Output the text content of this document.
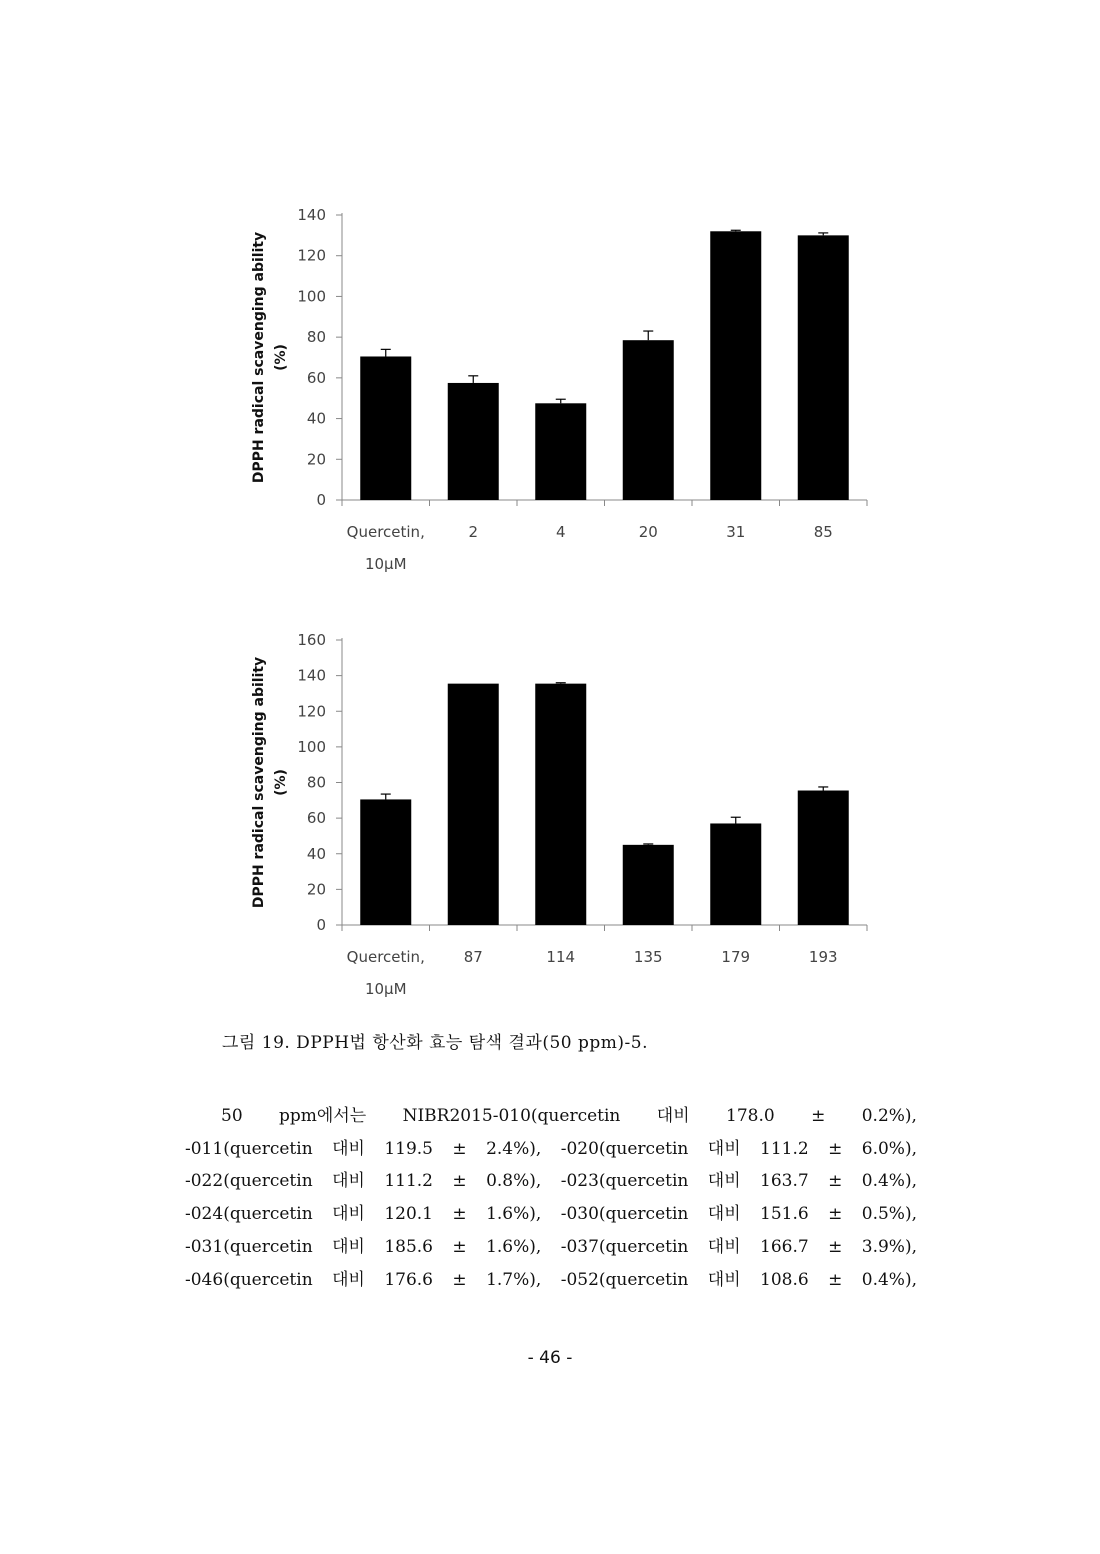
DPPH radical scavenging ability (%)
0
20
40
60
80
100
120
140
Quercetin,
10μM
2	4	20	31	85
DPPH radical scavenging ability (%)
0
20
40
60
80
100
120
140
160
Quercetin,
10μM
87	114	135	179	193
그림 19. DPPH법 항산화 효능 탐색 결과(50 ppm)-5.
50 ppm에서는 NIBR2015-010(quercetin 대비 178.0 ± 0.2%),
-011(quercetin 대비 119.5 ± 2.4%), -020(quercetin 대비 111.2 ± 6.0%),
-022(quercetin 대비 111.2 ± 0.8%), -023(quercetin 대비 163.7 ± 0.4%),
-024(quercetin 대비 120.1 ± 1.6%), -030(quercetin 대비 151.6 ± 0.5%),
-031(quercetin 대비 185.6 ± 1.6%), -037(quercetin 대비 166.7 ± 3.9%),
-046(quercetin 대비 176.6 ± 1.7%), -052(quercetin 대비 108.6 ± 0.4%),
- 46 -
